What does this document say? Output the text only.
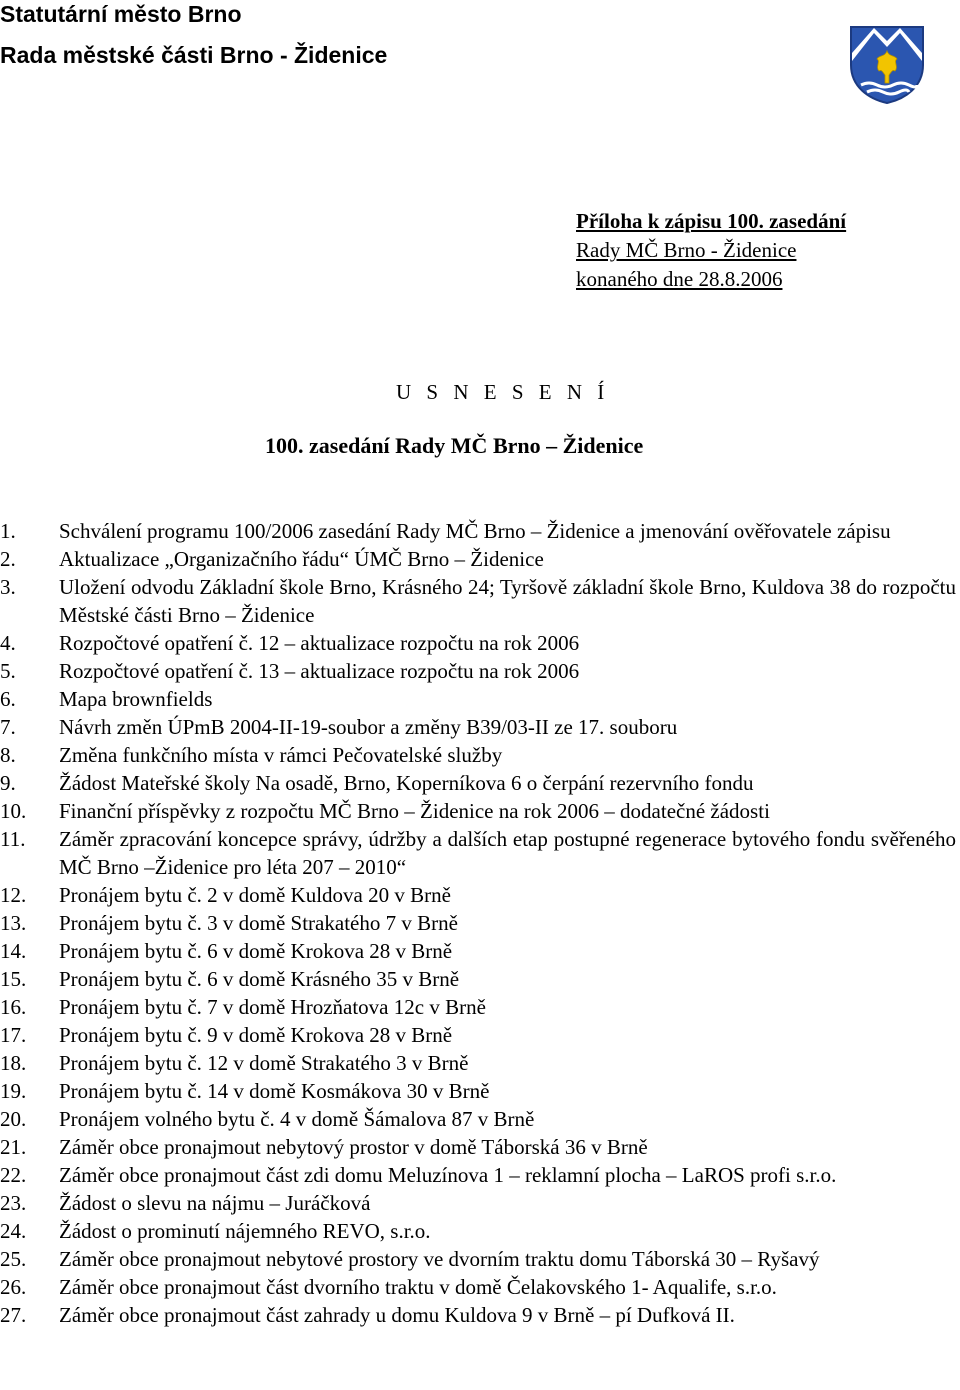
Statutární město Brno
Rada městské části Brno - Židenice
Příloha k zápisu 100. zasedání
Rady MČ Brno - Židenice
konaného dne 28.8.2006
U S N E S E N Í
100. zasedání Rady MČ Brno – Židenice
1. Schválení programu 100/2006 zasedání Rady MČ Brno – Židenice a jmenování ověřovatele zápisu
2. Aktualizace „Organizačního řádu“ ÚMČ Brno – Židenice
3. Uložení odvodu Základní škole Brno, Krásného 24; Tyršově základní škole Brno, Kuldova 38 do rozpočtu Městské části Brno – Židenice
4. Rozpočtové opatření č. 12 – aktualizace rozpočtu na rok 2006
5. Rozpočtové opatření č. 13 – aktualizace rozpočtu na rok 2006
6. Mapa brownfields
7. Návrh změn ÚPmB 2004-II-19-soubor a změny B39/03-II ze 17. souboru
8. Změna funkčního místa v rámci Pečovatelské služby
9. Žádost Mateřské školy Na osadě, Brno, Koperníkova 6 o čerpání rezervního fondu
10. Finanční příspěvky z rozpočtu MČ Brno – Židenice na rok 2006 – dodatečné žádosti
11. Záměr zpracování koncepce správy, údržby a dalších etap postupné regenerace bytového fondu svěřeného MČ Brno –Židenice pro léta 207 – 2010“
12. Pronájem bytu č. 2 v domě Kuldova 20 v Brně
13. Pronájem bytu č. 3 v domě Strakatého 7 v Brně
14. Pronájem bytu č. 6 v domě Krokova 28 v Brně
15. Pronájem bytu č. 6 v domě Krásného 35 v Brně
16. Pronájem bytu č. 7 v domě Hrozňatova 12c v Brně
17. Pronájem bytu č. 9 v domě Krokova 28 v Brně
18. Pronájem bytu č. 12 v domě Strakatého 3 v Brně
19. Pronájem bytu č. 14 v domě Kosmákova 30 v Brně
20. Pronájem volného bytu č. 4 v domě Šámalova 87 v Brně
21. Záměr obce pronajmout nebytový prostor v domě Táborská 36 v Brně
22. Záměr obce pronajmout část zdi domu Meluzínova 1 – reklamní plocha – LaROS profi s.r.o.
23. Žádost o slevu na nájmu – Juráčková
24. Žádost o prominutí nájemného REVO, s.r.o.
25. Záměr obce pronajmout nebytové prostory ve dvorním traktu domu Táborská 30 – Ryšavý
26. Záměr obce pronajmout část dvorního traktu v domě Čelakovského 1- Aqualife, s.r.o.
27. Záměr obce pronajmout část zahrady u domu Kuldova 9 v Brně – pí Dufková II.
